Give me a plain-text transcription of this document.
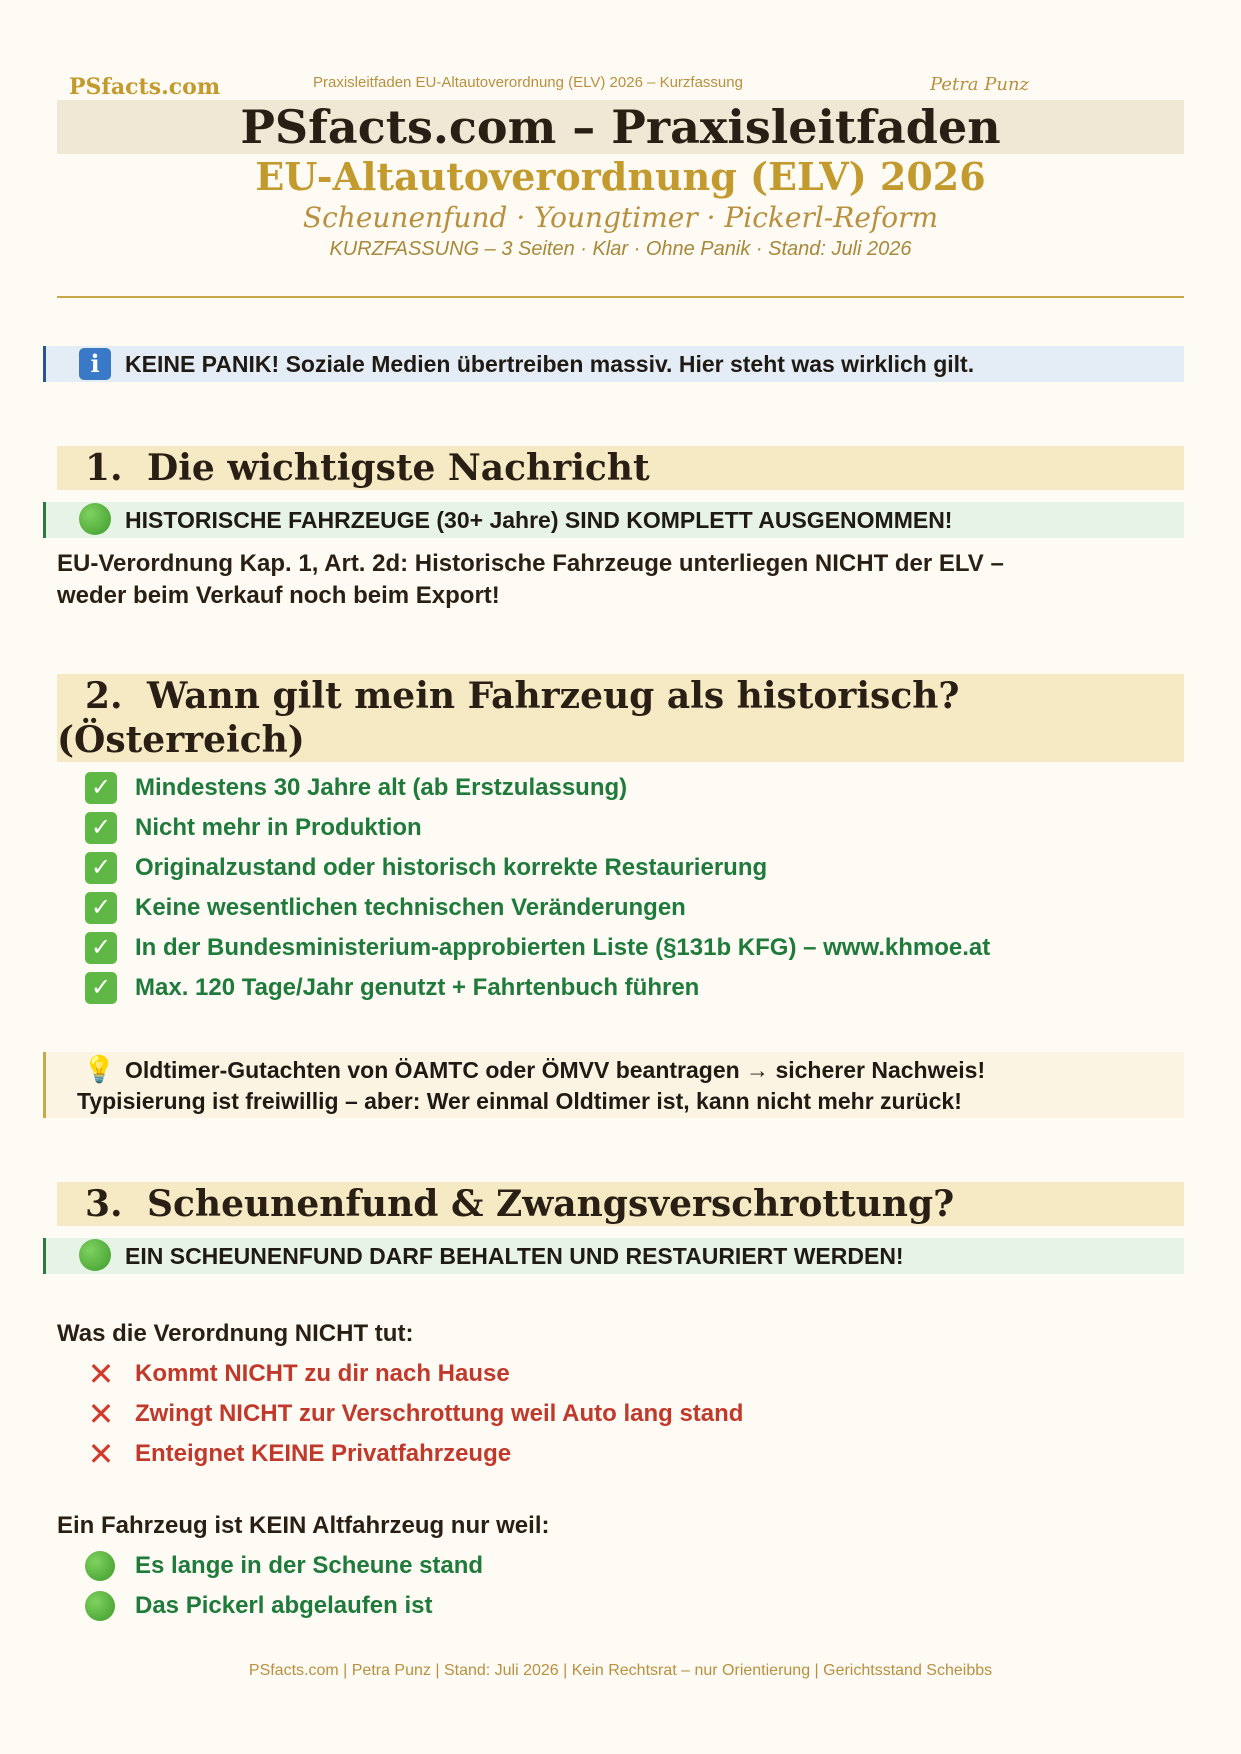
PSfacts.com	Praxisleitfaden EU-Altautoverordnung (ELV) 2026 – Kurzfassung	Petra Punz
PSfacts.com – Praxisleitfaden
EU-Altautoverordnung (ELV) 2026
Scheunenfund · Youngtimer · Pickerl-Reform
KURZFASSUNG – 3 Seiten · Klar · Ohne Panik · Stand: Juli 2026
i	KEINE PANIK! Soziale Medien übertreiben massiv. Hier steht was wirklich gilt.
1. Die wichtigste Nachricht
HISTORISCHE FAHRZEUGE (30+ Jahre) SIND KOMPLETT AUSGENOMMEN!
EU-Verordnung Kap. 1, Art. 2d: Historische Fahrzeuge unterliegen NICHT der ELV –
weder beim Verkauf noch beim Export!
2. Wann gilt mein Fahrzeug als historisch?
(Österreich)
✓ Mindestens 30 Jahre alt (ab Erstzulassung)
✓ Nicht mehr in Produktion
✓ Originalzustand oder historisch korrekte Restaurierung
✓ Keine wesentlichen technischen Veränderungen
✓ In der Bundesministerium-approbierten Liste (§131b KFG) – www.khmoe.at
✓ Max. 120 Tage/Jahr genutzt + Fahrtenbuch führen
💡 Oldtimer-Gutachten von ÖAMTC oder ÖMVV beantragen → sicherer Nachweis!
Typisierung ist freiwillig – aber: Wer einmal Oldtimer ist, kann nicht mehr zurück!
3. Scheunenfund & Zwangsverschrottung?
EIN SCHEUNENFUND DARF BEHALTEN UND RESTAURIERT WERDEN!
Was die Verordnung NICHT tut:
✕ Kommt NICHT zu dir nach Hause
✕ Zwingt NICHT zur Verschrottung weil Auto lang stand
✕ Enteignet KEINE Privatfahrzeuge
Ein Fahrzeug ist KEIN Altfahrzeug nur weil:
Es lange in der Scheune stand
Das Pickerl abgelaufen ist
PSfacts.com | Petra Punz | Stand: Juli 2026 | Kein Rechtsrat – nur Orientierung | Gerichtsstand Scheibbs
